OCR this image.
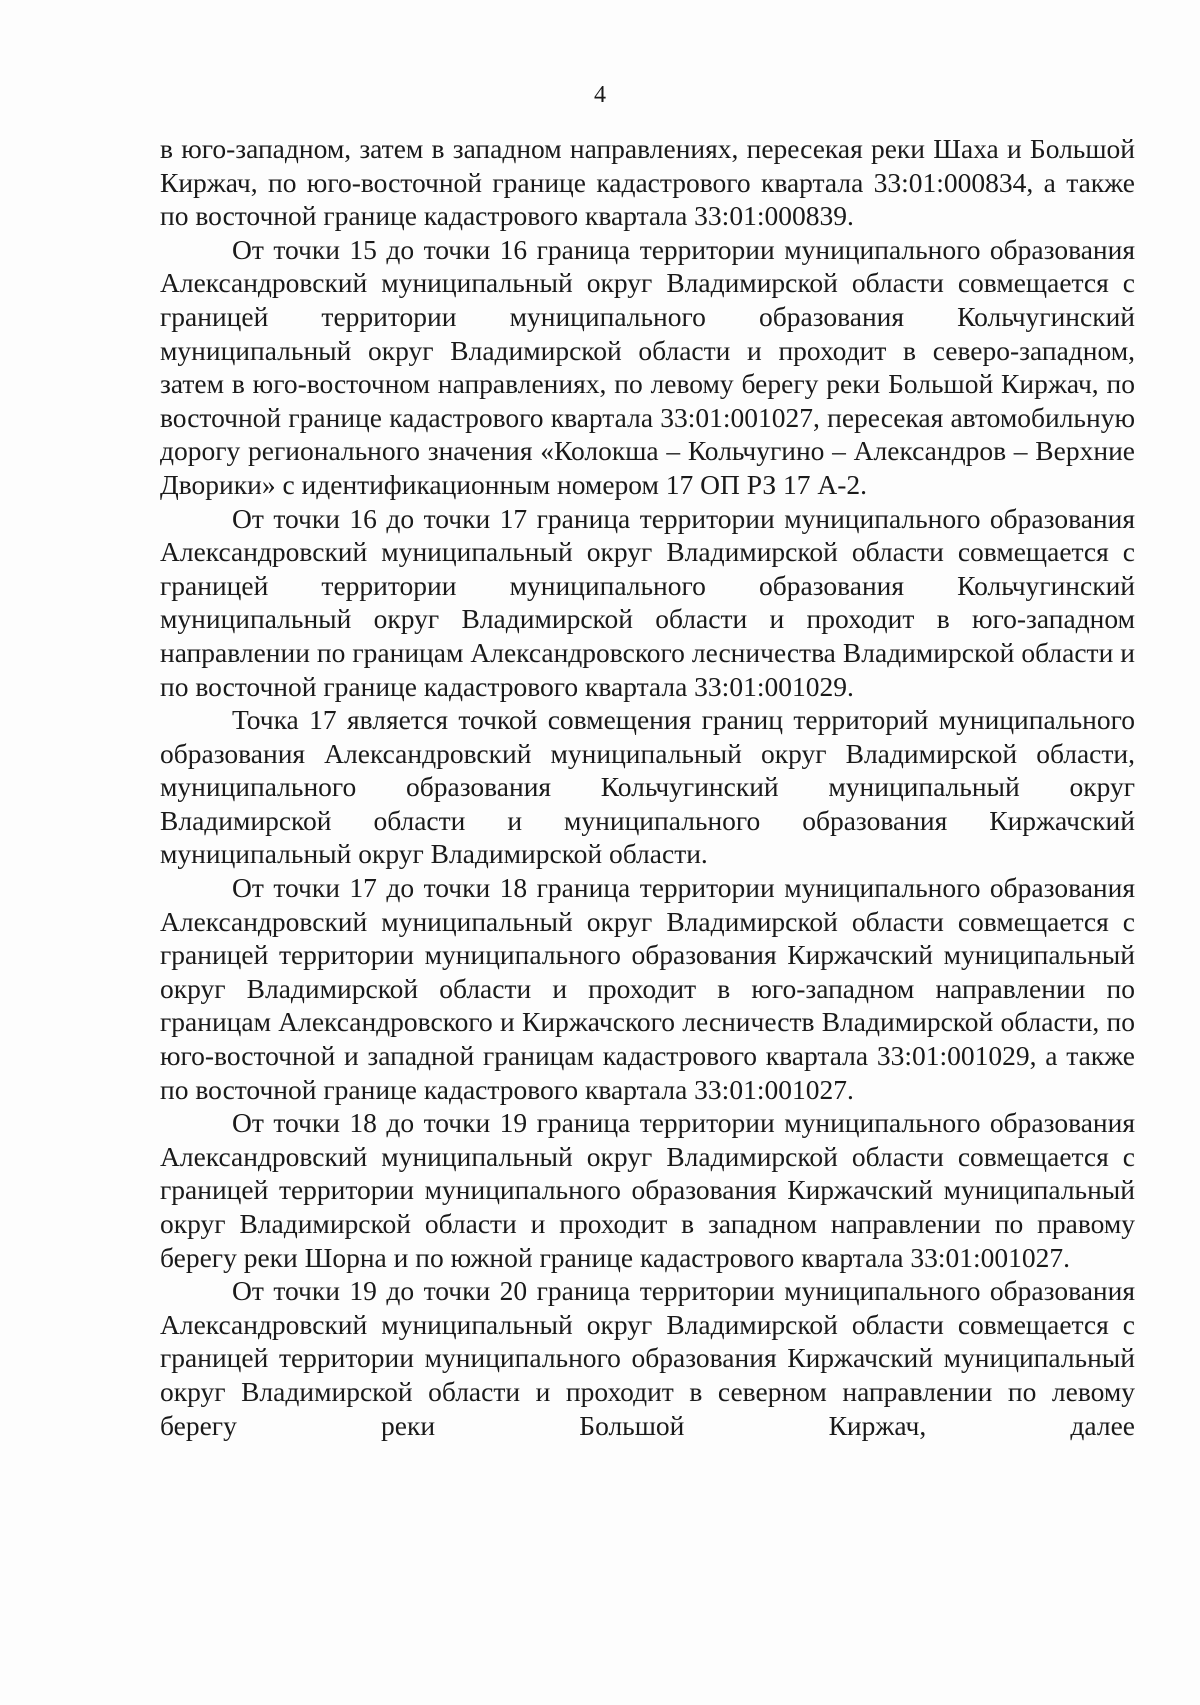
4

в юго-западном, затем в западном направлениях, пересекая реки Шаха и Большой Киржач, по юго-восточной границе кадастрового квартала 33:01:000834, а также по восточной границе кадастрового квартала 33:01:000839.

От точки 15 до точки 16 граница территории муниципального образования Александровский муниципальный округ Владимирской области совмещается с границей территории муниципального образования Кольчугинский муниципальный округ Владимирской области и проходит в северо-западном, затем в юго-восточном направлениях, по левому берегу реки Большой Киржач, по восточной границе кадастрового квартала 33:01:001027, пересекая автомобильную дорогу регионального значения «Колокша – Кольчугино – Александров – Верхние Дворики» с идентификационным номером 17 ОП РЗ 17 А-2.

От точки 16 до точки 17 граница территории муниципального образования Александровский муниципальный округ Владимирской области совмещается с границей территории муниципального образования Кольчугинский муниципальный округ Владимирской области и проходит в юго-западном направлении по границам Александровского лесничества Владимирской области и по восточной границе кадастрового квартала 33:01:001029.

Точка 17 является точкой совмещения границ территорий муниципального образования Александровский муниципальный округ Владимирской области, муниципального образования Кольчугинский муниципальный округ Владимирской области и муниципального образования Киржачский муниципальный округ Владимирской области.

От точки 17 до точки 18 граница территории муниципального образования Александровский муниципальный округ Владимирской области совмещается с границей территории муниципального образования Киржачский муниципальный округ Владимирской области и проходит в юго-западном направлении по границам Александровского и Киржачского лесничеств Владимирской области, по юго-восточной и западной границам кадастрового квартала 33:01:001029, а также по восточной границе кадастрового квартала 33:01:001027.

От точки 18 до точки 19 граница территории муниципального образования Александровский муниципальный округ Владимирской области совмещается с границей территории муниципального образования Киржачский муниципальный округ Владимирской области и проходит в западном направлении по правому берегу реки Шорна и по южной границе кадастрового квартала 33:01:001027.

От точки 19 до точки 20 граница территории муниципального образования Александровский муниципальный округ Владимирской области совмещается с границей территории муниципального образования Киржачский муниципальный округ Владимирской области и проходит в северном направлении по левому берегу реки Большой Киржач, далее
